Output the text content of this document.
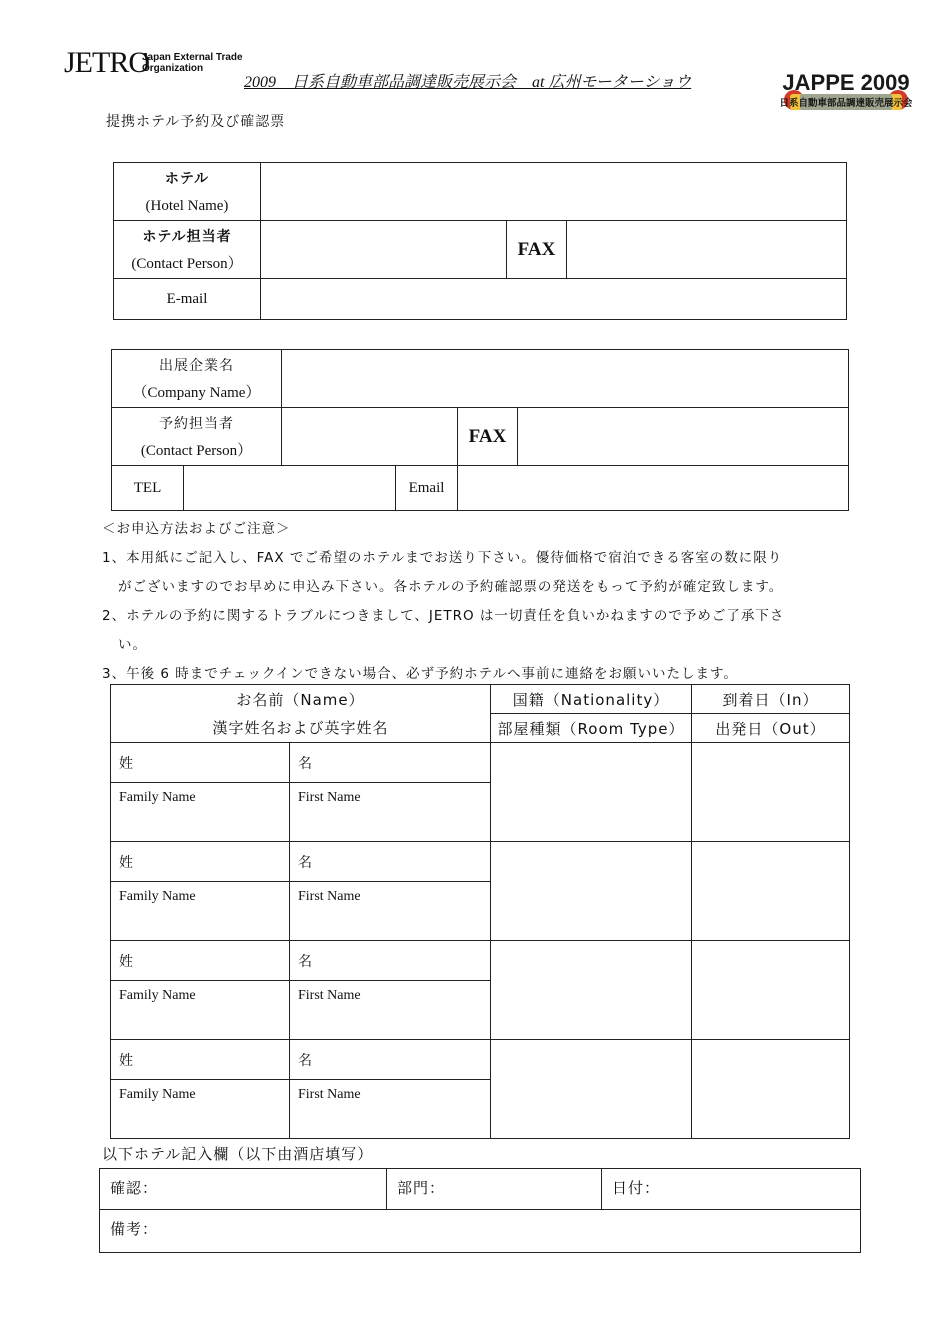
JETRO
Japan External Trade
Organization
2009　日系自動車部品調達販売展示会　at 広州モーターショウ	JAPPE 2009
日系自動車部品調達販売展示会
提携ホテル予約及び確認票
ホテル
(Hotel Name)			

ホテル担当者
(Contact Person）		FAX	
E-mail			
出展企業名
（Company Name）					

予約担当者
(Contact Person）				FAX	
TEL			Email		
＜お申込方法およびご注意＞
1、本用紙にご記入し、FAX でご希望のホテルまでお送り下さい。優待価格で宿泊できる客室の数に限り
がございますのでお早めに申込み下さい。各ホテルの予約確認票の発送をもって予約が確定致します。
2、ホテルの予約に関するトラブルにつきまして、JETRO は一切責任を負いかねますので予めご了承下さ
い。
3、午後 6 時までチェックインできない場合、必ず予約ホテルへ事前に連絡をお願いいたします。
お名前（Name）		国籍（Nationality）	到着日（In）
漢字姓名および英字姓名		部屋種類（Room Type）	出発日（Out）
姓	名		
Family Name	First Name		
姓	名		
Family Name	First Name		
姓	名		
Family Name	First Name		
姓	名		
Family Name	First Name		
以下ホテル記入欄（以下由酒店填写）
確認：	部門：	日付：
備考：
